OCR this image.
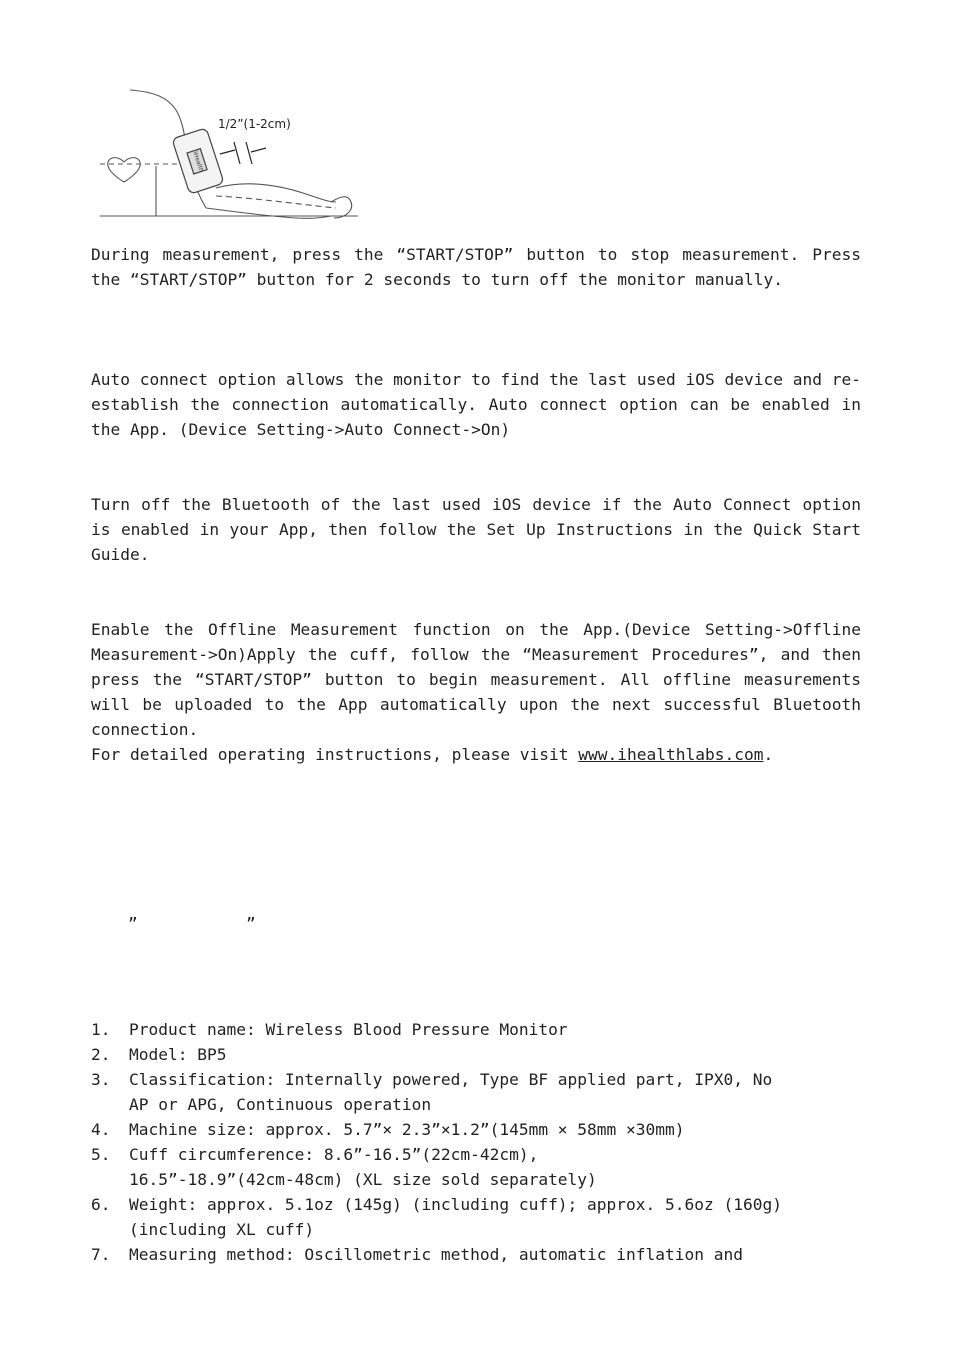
iHealth
1/2”(1-2cm)

During measurement, press the “START/STOP” button to stop measurement. Press the “START/STOP” button for 2 seconds to turn off the monitor manually.

Auto connect option allows the monitor to find the last used iOS device and re-establish the connection automatically. Auto connect option can be enabled in the App. (Device Setting->Auto Connect->On)

Turn off the Bluetooth of the last used iOS device if the Auto Connect option is enabled in your App, then follow the Set Up Instructions in the Quick Start Guide.

Enable the Offline Measurement function on the App.(Device Setting->Offline Measurement->On)Apply the cuff, follow the “Measurement Procedures”, and then press the “START/STOP” button to begin measurement. All offline measurements will be uploaded to the App automatically upon the next successful Bluetooth connection.

For detailed operating instructions, please visit www.ihealthlabs.com.

”	”
1.	Product name: Wireless Blood Pressure Monitor
2.	Model: BP5
3.	Classification: Internally powered, Type BF applied part, IPX0, No
AP or APG, Continuous operation
4.	Machine size: approx. 5.7”× 2.3”×1.2”(145mm × 58mm ×30mm)
5.	Cuff circumference: 8.6”-16.5”(22cm-42cm),
16.5”-18.9”(42cm-48cm) (XL size sold separately)
6.	Weight: approx. 5.1oz (145g) (including cuff); approx. 5.6oz (160g)
(including XL cuff)
7.	Measuring method: Oscillometric method, automatic inflation and
